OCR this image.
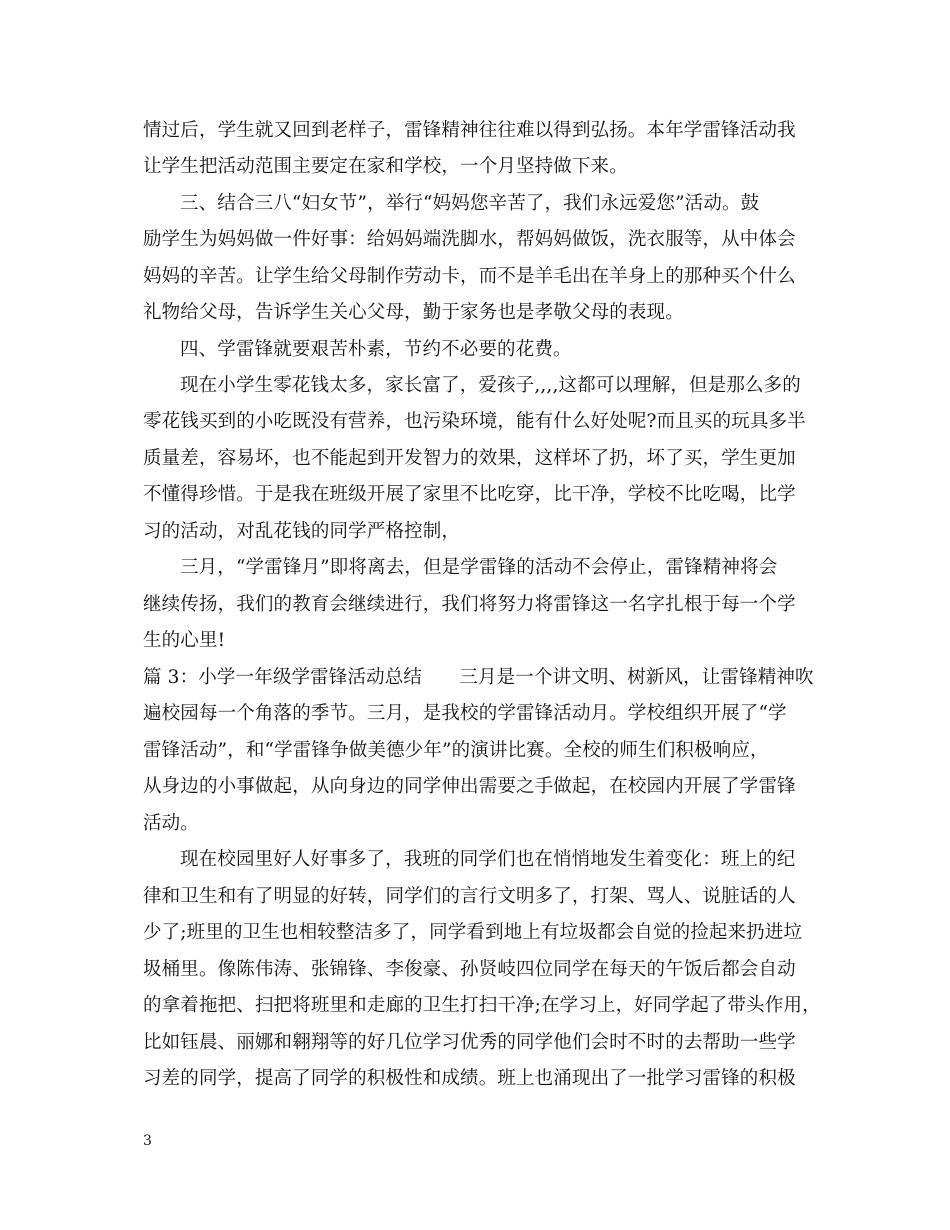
情过后，学生就又回到老样子，雷锋精神往往难以得到弘扬。本年学雷锋活动我
让学生把活动范围主要定在家和学校，一个月坚持做下来。
三、结合三八“妇女节”，举行“妈妈您辛苦了，我们永远爱您”活动。鼓
励学生为妈妈做一件好事：给妈妈端洗脚水，帮妈妈做饭，洗衣服等，从中体会
妈妈的辛苦。让学生给父母制作劳动卡，而不是羊毛出在羊身上的那种买个什么
礼物给父母，告诉学生关心父母，勤于家务也是孝敬父母的表现。
四、学雷锋就要艰苦朴素，节约不必要的花费。
现在小学生零花钱太多，家长富了，爱孩子,,,,这都可以理解，但是那么多的
零花钱买到的小吃既没有营养，也污染环境，能有什么好处呢?而且买的玩具多半
质量差，容易坏，也不能起到开发智力的效果，这样坏了扔，坏了买，学生更加
不懂得珍惜。于是我在班级开展了家里不比吃穿，比干净，学校不比吃喝，比学
习的活动，对乱花钱的同学严格控制，
三月，“学雷锋月”即将离去，但是学雷锋的活动不会停止，雷锋精神将会
继续传扬，我们的教育会继续进行，我们将努力将雷锋这一名字扎根于每一个学
生的心里!
篇 3：小学一年级学雷锋活动总结　　三月是一个讲文明、树新风，让雷锋精神吹
遍校园每一个角落的季节。三月，是我校的学雷锋活动月。学校组织开展了“学
雷锋活动”，和“学雷锋争做美德少年”的演讲比赛。全校的师生们积极响应，
从身边的小事做起，从向身边的同学伸出需要之手做起，在校园内开展了学雷锋
活动。
现在校园里好人好事多了，我班的同学们也在悄悄地发生着变化：班上的纪
律和卫生和有了明显的好转，同学们的言行文明多了，打架、骂人、说脏话的人
少了;班里的卫生也相较整洁多了，同学看到地上有垃圾都会自觉的捡起来扔进垃
圾桶里。像陈伟涛、张锦锋、李俊豪、孙贤岐四位同学在每天的午饭后都会自动
的拿着拖把、扫把将班里和走廊的卫生打扫干净;在学习上，好同学起了带头作用，
比如钰晨、丽娜和翱翔等的好几位学习优秀的同学他们会时不时的去帮助一些学
习差的同学，提高了同学的积极性和成绩。班上也涌现出了一批学习雷锋的积极
3
